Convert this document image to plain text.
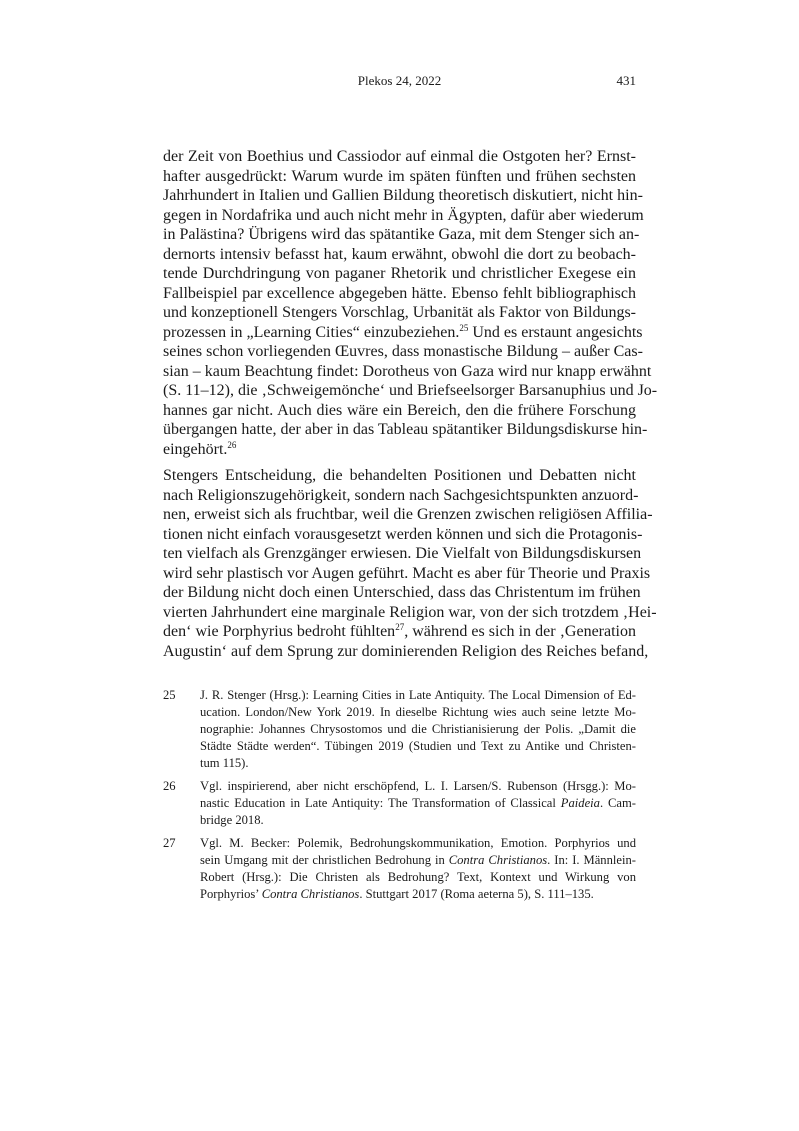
Plekos 24, 2022	431
der Zeit von Boethius und Cassiodor auf einmal die Ostgoten her? Ernst-
hafter ausgedrückt: Warum wurde im späten fünften und frühen sechsten
Jahrhundert in Italien und Gallien Bildung theoretisch diskutiert, nicht hin-
gegen in Nordafrika und auch nicht mehr in Ägypten, dafür aber wiederum
in Palästina? Übrigens wird das spätantike Gaza, mit dem Stenger sich an-
dernorts intensiv befasst hat, kaum erwähnt, obwohl die dort zu beobach-
tende Durchdringung von paganer Rhetorik und christlicher Exegese ein
Fallbeispiel par excellence abgegeben hätte. Ebenso fehlt bibliographisch
und konzeptionell Stengers Vorschlag, Urbanität als Faktor von Bildungs-
prozessen in „Learning Cities“ einzubeziehen.$^{25}$ Und es erstaunt angesichts
seines schon vorliegenden Œuvres, dass monastische Bildung – außer Cas-
sian – kaum Beachtung findet: Dorotheus von Gaza wird nur knapp erwähnt
(S. 11–12), die ‚Schweigemönche‘ und Briefseelsorger Barsanuphius und Jo-
hannes gar nicht. Auch dies wäre ein Bereich, den die frühere Forschung
übergangen hatte, der aber in das Tableau spätantiker Bildungsdiskurse hin-
eingehört.$^{26}$
Stengers Entscheidung, die behandelten Positionen und Debatten nicht
nach Religionszugehörigkeit, sondern nach Sachgesichtspunkten anzuord-
nen, erweist sich als fruchtbar, weil die Grenzen zwischen religiösen Affilia-
tionen nicht einfach vorausgesetzt werden können und sich die Protagonis-
ten vielfach als Grenzgänger erwiesen. Die Vielfalt von Bildungsdiskursen
wird sehr plastisch vor Augen geführt. Macht es aber für Theorie und Praxis
der Bildung nicht doch einen Unterschied, dass das Christentum im frühen
vierten Jahrhundert eine marginale Religion war, von der sich trotzdem ‚Hei-
den‘ wie Porphyrius bedroht fühlten$^{27}$, während es sich in der ‚Generation
Augustin‘ auf dem Sprung zur dominierenden Religion des Reiches befand,
25 J. R. Stenger (Hrsg.): Learning Cities in Late Antiquity. The Local Dimension of Ed-
ucation. London/New York 2019. In dieselbe Richtung wies auch seine letzte Mo-
nographie: Johannes Chrysostomos und die Christianisierung der Polis. „Damit die
Städte Städte werden“. Tübingen 2019 (Studien und Text zu Antike und Christen-
tum 115).
26 Vgl. inspirierend, aber nicht erschöpfend, L. I. Larsen/S. Rubenson (Hrsgg.): Mo-
nastic Education in Late Antiquity: The Transformation of Classical Paideia. Cam-
bridge 2018.
27 Vgl. M. Becker: Polemik, Bedrohungskommunikation, Emotion. Porphyrios und
sein Umgang mit der christlichen Bedrohung in Contra Christianos. In: I. Männlein-
Robert (Hrsg.): Die Christen als Bedrohung? Text, Kontext und Wirkung von
Porphyrios’ Contra Christianos. Stuttgart 2017 (Roma aeterna 5), S. 111–135.
